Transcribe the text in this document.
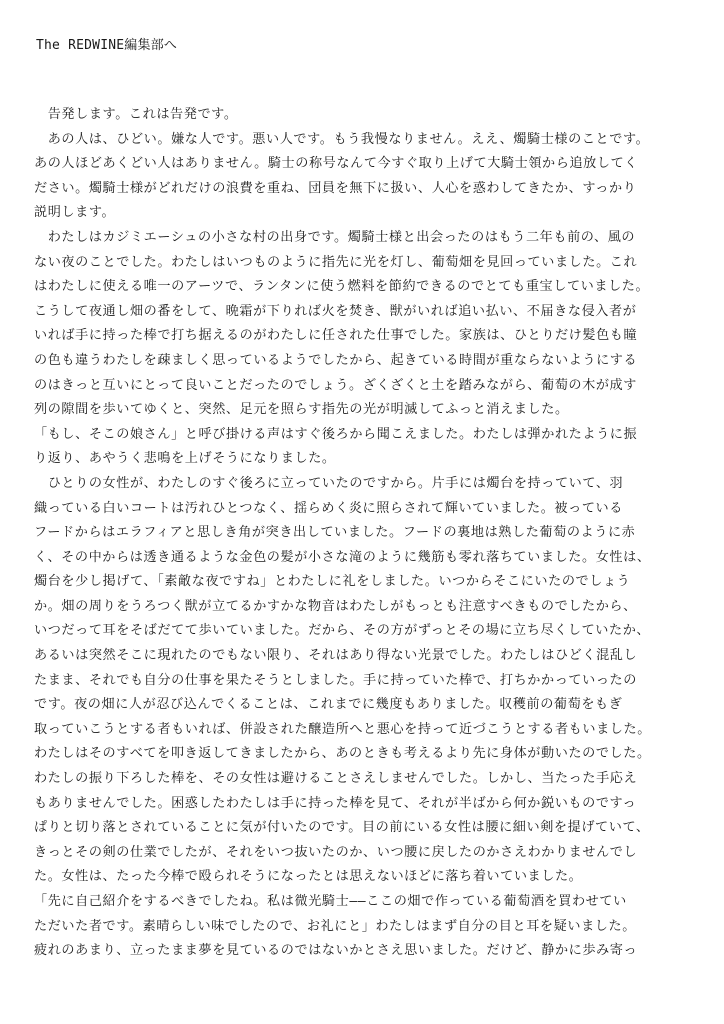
The REDWINE編集部へ
　告発します。これは告発です。
　あの人は、ひどい。嫌な人です。悪い人です。もう我慢なりません。ええ、燭騎士様のことです。
あの人ほどあくどい人はありません。騎士の称号なんて今すぐ取り上げて大騎士領から追放してく
ださい。燭騎士様がどれだけの浪費を重ね、団員を無下に扱い、人心を惑わしてきたか、すっかり
説明します。
　わたしはカジミエーシュの小さな村の出身です。燭騎士様と出会ったのはもう二年も前の、風の
ない夜のことでした。わたしはいつものように指先に光を灯し、葡萄畑を見回っていました。これ
はわたしに使える唯一のアーツで、ランタンに使う燃料を節約できるのでとても重宝していました。
こうして夜通し畑の番をして、晩霜が下りれば火を焚き、獣がいれば追い払い、不届きな侵入者が
いれば手に持った棒で打ち据えるのがわたしに任された仕事でした。家族は、ひとりだけ髪色も瞳
の色も違うわたしを疎ましく思っているようでしたから、起きている時間が重ならないようにする
のはきっと互いにとって良いことだったのでしょう。ざくざくと土を踏みながら、葡萄の木が成す
列の隙間を歩いてゆくと、突然、足元を照らす指先の光が明滅してふっと消えました。
「もし、そこの娘さん」と呼び掛ける声はすぐ後ろから聞こえました。わたしは弾かれたように振
り返り、あやうく悲鳴を上げそうになりました。
　ひとりの女性が、わたしのすぐ後ろに立っていたのですから。片手には燭台を持っていて、羽
織っている白いコートは汚れひとつなく、揺らめく炎に照らされて輝いていました。被っている
フードからはエラフィアと思しき角が突き出していました。フードの裏地は熟した葡萄のように赤
く、その中からは透き通るような金色の髪が小さな滝のように幾筋も零れ落ちていました。女性は、
燭台を少し掲げて、「素敵な夜ですね」とわたしに礼をしました。いつからそこにいたのでしょう
か。畑の周りをうろつく獣が立てるかすかな物音はわたしがもっとも注意すべきものでしたから、
いつだって耳をそばだてて歩いていました。だから、その方がずっとその場に立ち尽くしていたか、
あるいは突然そこに現れたのでもない限り、それはあり得ない光景でした。わたしはひどく混乱し
たまま、それでも自分の仕事を果たそうとしました。手に持っていた棒で、打ちかかっていったの
です。夜の畑に人が忍び込んでくることは、これまでに幾度もありました。収穫前の葡萄をもぎ
取っていこうとする者もいれば、併設された醸造所へと悪心を持って近づこうとする者もいました。
わたしはそのすべてを叩き返してきましたから、あのときも考えるより先に身体が動いたのでした。
わたしの振り下ろした棒を、その女性は避けることさえしませんでした。しかし、当たった手応え
もありませんでした。困惑したわたしは手に持った棒を見て、それが半ばから何か鋭いものですっ
ぱりと切り落とされていることに気が付いたのです。目の前にいる女性は腰に細い剣を提げていて、
きっとその剣の仕業でしたが、それをいつ抜いたのか、いつ腰に戻したのかさえわかりませんでし
た。女性は、たった今棒で殴られそうになったとは思えないほどに落ち着いていました。
「先に自己紹介をするべきでしたね。私は微光騎士――ここの畑で作っている葡萄酒を買わせてい
ただいた者です。素晴らしい味でしたので、お礼にと」わたしはまず自分の目と耳を疑いました。
疲れのあまり、立ったまま夢を見ているのではないかとさえ思いました。だけど、静かに歩み寄っ
